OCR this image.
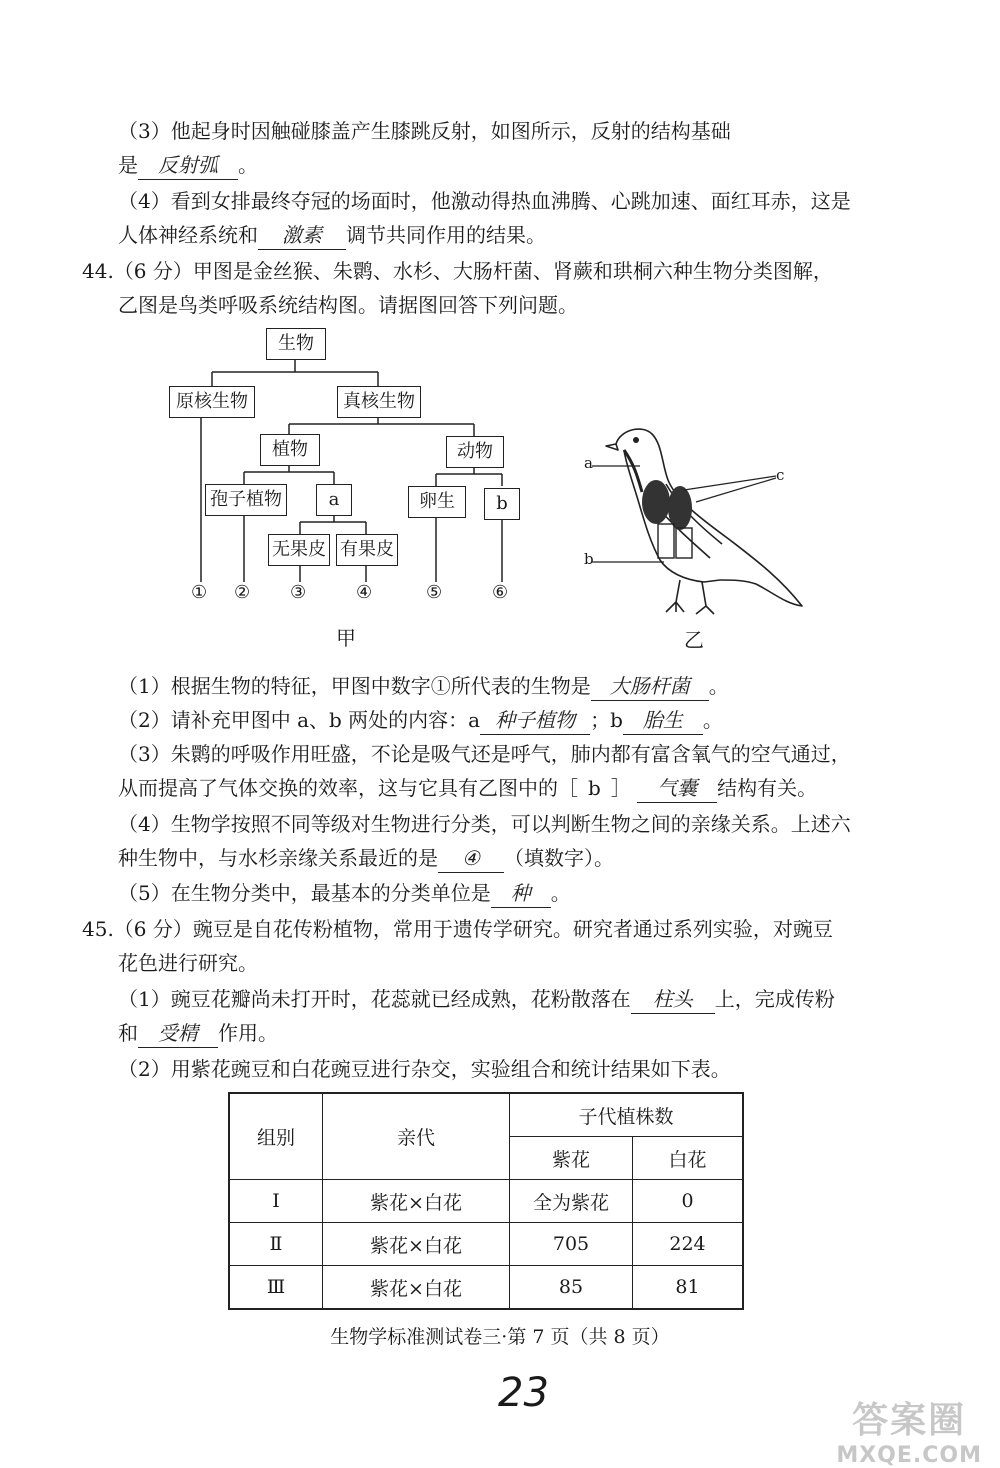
（3）他起身时因触碰膝盖产生膝跳反射，如图所示，反射的结构基础
是 反射弧 。
（4）看到女排最终夺冠的场面时，他激动得热血沸腾、心跳加速、面红耳赤，这是
人体神经系统和 激素 调节共同作用的结果。
44.（6 分）甲图是金丝猴、朱鹮、水杉、大肠杆菌、肾蕨和珙桐六种生物分类图解，
乙图是鸟类呼吸系统结构图。请据图回答下列问题。
生物
原核生物	真核生物
植物	动物
孢子植物	a	卵生	b
无果皮 有果皮
① ② ③	④	⑤	⑥
甲
a
b
c
乙
（1）根据生物的特征，甲图中数字①所代表的生物是 大肠杆菌 。
（2）请补充甲图中 a、b 两处的内容：a 种子植物 ；b 胎生 。
（3）朱鹮的呼吸作用旺盛，不论是吸气还是呼气，肺内都有富含氧气的空气通过，
从而提高了气体交换的效率，这与它具有乙图中的［ b ］ 气囊 结构有关。
（4）生物学按照不同等级对生物进行分类，可以判断生物之间的亲缘关系。上述六
种生物中，与水杉亲缘关系最近的是 ④ （填数字）。
（5）在生物分类中，最基本的分类单位是 种 。
45.（6 分）豌豆是自花传粉植物，常用于遗传学研究。研究者通过系列实验，对豌豆
花色进行研究。
（1）豌豆花瓣尚未打开时，花蕊就已经成熟，花粉散落在 柱头 上，完成传粉
和 受精 作用。
（2）用紫花豌豆和白花豌豆进行杂交，实验组合和统计结果如下表。
组别	亲代	子代植株数	
		紫花	白花
Ⅰ	紫花×白花	全为紫花	0
Ⅱ	紫花×白花	705	224
Ⅲ	紫花×白花	85	81
生物学标准测试卷三·第 7 页（共 8 页）
23
答案圈
MXQE.COM
